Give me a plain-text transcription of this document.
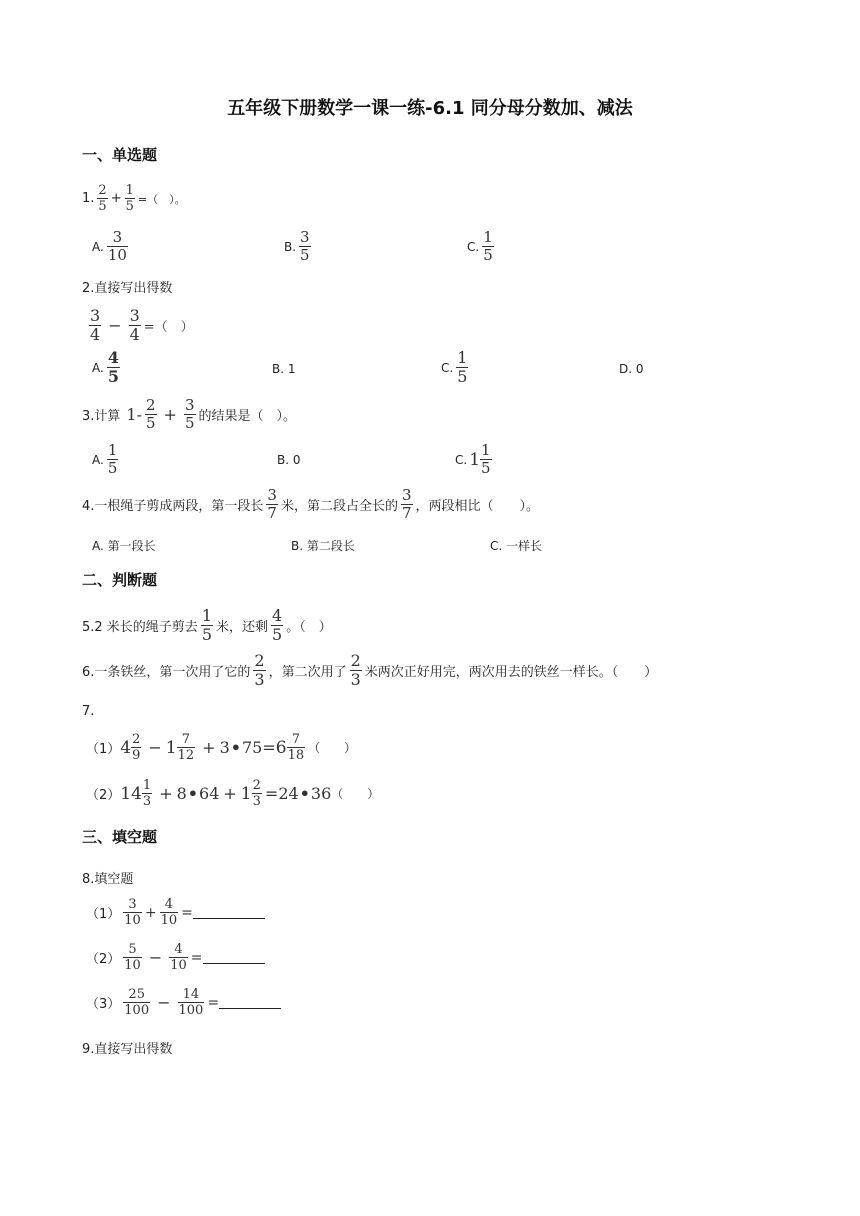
五年级下册数学一课一练-6.1 同分母分数加、减法
一、单选题
1. $\frac{2}{5} + \frac{1}{5}$ =（　）。
A. $\frac{3}{10}$	B. $\frac{3}{5}$	C. $\frac{1}{5}$
2.直接写出得数
$\frac{3}{4} - \frac{3}{4}$ =（　）
A. $\frac{4}{5}$	B. 1	C. $\frac{1}{5}$	D. 0
3.计算 $1- \frac{2}{5} + \frac{3}{5}$ 的结果是（　）。
A. $\frac{1}{5}$	B. 0	C. $1 \frac{1}{5}$
4.一根绳子剪成两段，第一段长 $\frac{3}{7}$ 米，第二段占全长的 $\frac{3}{7}$ ，两段相比（　　）。
A. 第一段长	B. 第二段长	C. 一样长
二、判断题
5.2 米长的绳子剪去 $\frac{1}{5}$ 米，还剩 $\frac{4}{5}$ 。（　）
6.一条铁丝，第一次用了它的 $\frac{2}{3}$ ，第二次用了 $\frac{2}{3}$ 米两次正好用完，两次用去的铁丝一样长。（　　）
7.
（1） $4 \frac{2}{9} - 1 \frac{7}{12}$ + 3•75 = $6 \frac{7}{18}$ （　　）
（2） $14 \frac{1}{3}$ + 8•64 + $1 \frac{2}{3}$ = 24•36 （　　）
三、填空题
8.填空题
$(1) \frac{3}{10} + \frac{4}{10}$ =
$(2) \frac{5}{10} - \frac{4}{10}$ =
$(3) \frac{25}{100} - \frac{14}{100}$ =
9.直接写出得数
